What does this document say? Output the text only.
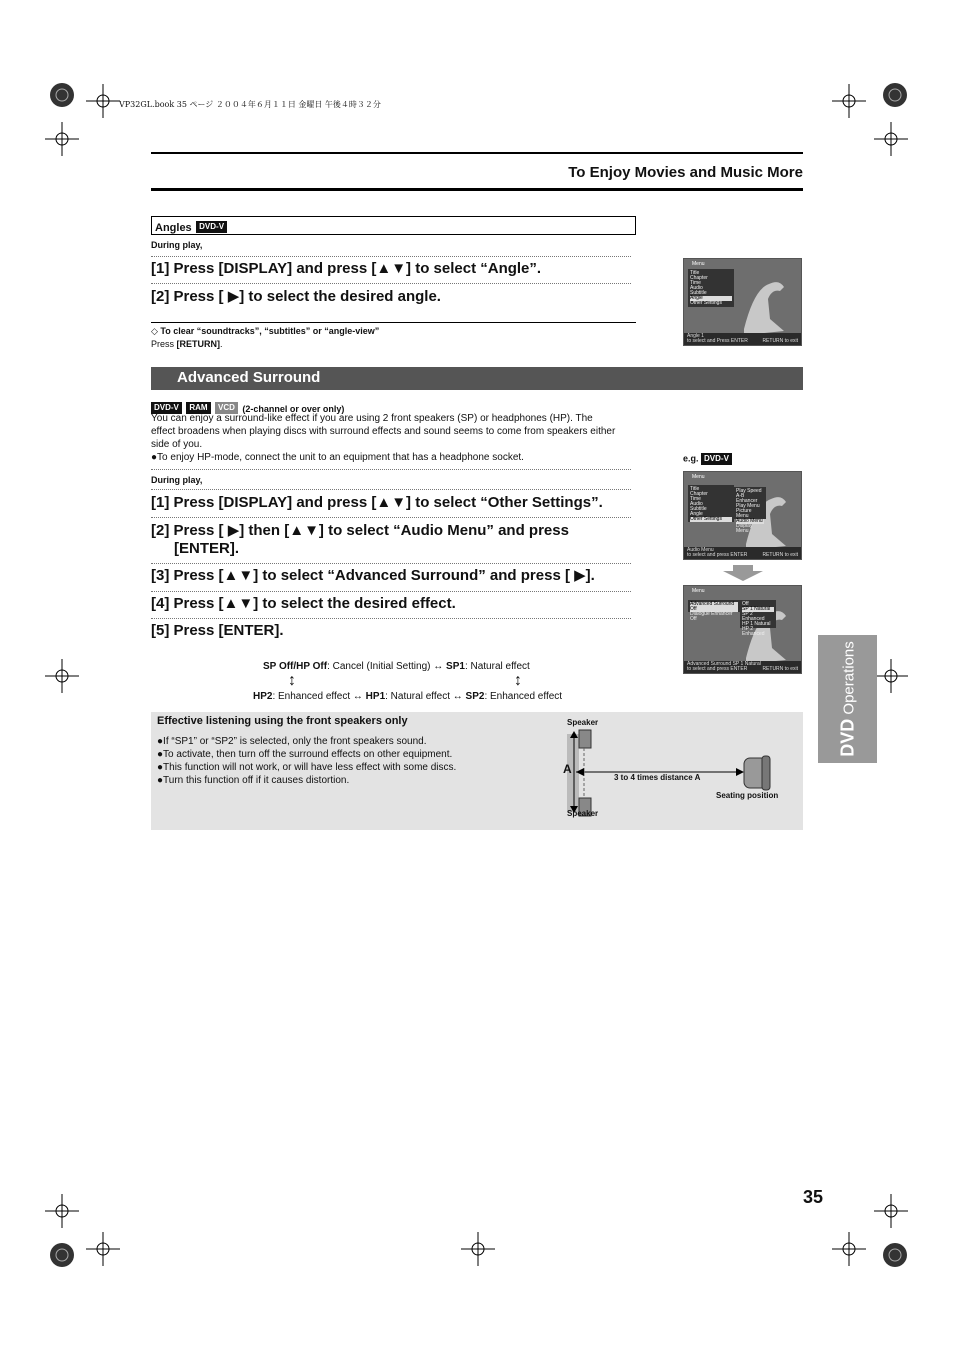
VP32GL.book 35 ページ ２００４年６月１１日 金曜日 午後４時３２分
To Enjoy Movies and Music More
Angles DVD-V
During play,
[1] Press [DISPLAY] and press [▲▼] to select “Angle”.
[2] Press [ ▶] to select the desired angle.
◇ To clear “soundtracks”, “subtitles” or “angle-view”
Press [RETURN].
Title
Chapter
Time
Audio
Subtitle
Angle
Other Settings
Menu
Angle 1
to select and Press ENTER	RETURN to exit
Advanced Surround
DVD-V RAM VCD (2-channel or over only)
You can enjoy a surround-like effect if you are using 2 front speakers (SP) or headphones (HP). The
effect broadens when playing discs with surround effects and sound seems to come from speakers either
side of you.
●To enjoy HP-mode, connect the unit to an equipment that has a headphone socket.	e.g. DVD-V
During play,
[1] Press [DISPLAY] and press [▲▼] to select “Other Settings”.
[2] Press [ ▶] then [▲▼] to select “Audio Menu” and press
[ENTER].
[3] Press [▲▼] to select “Advanced Surround” and press [ ▶].
[4] Press [▲▼] to select the desired effect.
[5] Press [ENTER].
SP Off/HP Off: Cancel (Initial Setting) ↔ SP1: Natural effect
↕	↕
HP2: Enhanced effect ↔ HP1: Natural effect ↔ SP2: Enhanced effect
Menu
Title
Chapter
Time
Audio
Subtitle
Angle
Other Settings
Play Speed
A-B Enhancer
Play Menu
Picture Menu
Audio Menu
Display Menu
Audio Menu
to select and press ENTER	RETURN to exit
Menu
Advanced Surround Off
Dialogue Enhancer Off
Off
SP 1 Natural
SP 2 Enhanced
HP 1 Natural
HP 2 Enhanced
Advanced Surround SP 1 Natural
to select and press ENTER	RETURN to exit
DVD Operations
Effective listening using the front speakers only
●If “SP1” or “SP2” is selected, only the front speakers sound.
●To activate, then turn off the surround effects on other equipment.
●This function will not work, or will have less effect with some discs.
●Turn this function off if it causes distortion.
Speaker
Speaker
A
3 to 4 times distance A
Seating position
35
